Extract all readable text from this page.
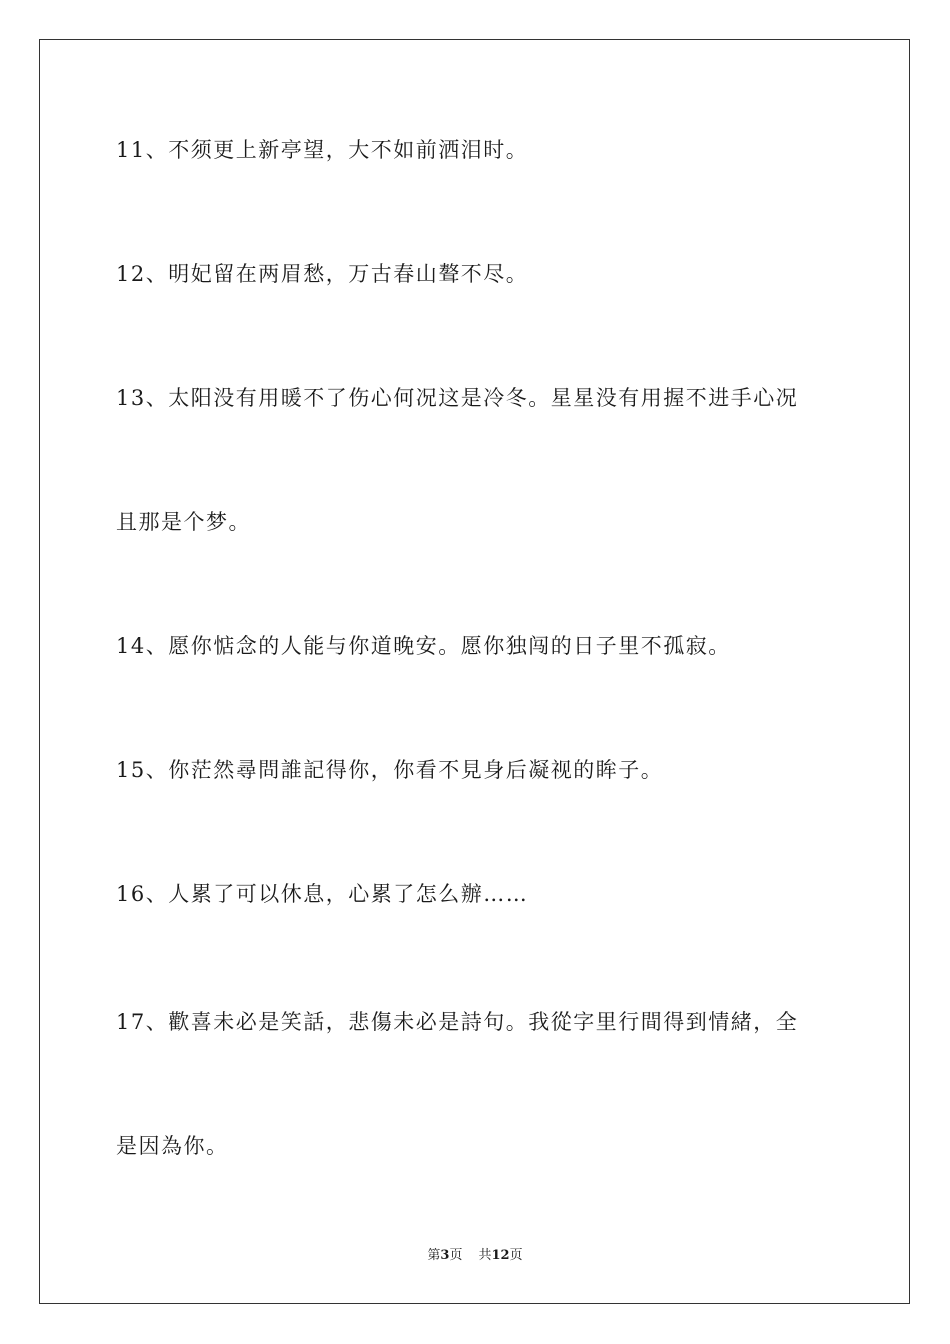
11、不须更上新亭望，大不如前洒泪时。
12、明妃留在两眉愁，万古春山聱不尽。
13、太阳没有用暖不了伤心何况这是冷冬。星星没有用握不进手心况
且那是个梦。
14、愿你惦念的人能与你道晚安。愿你独闯的日子里不孤寂。
15、你茫然尋問誰記得你，你看不見身后凝视的眸子。
16、人累了可以休息，心累了怎么辦……
17、歡喜未必是笑話，悲傷未必是詩句。我從字里行間得到情緒，全
是因為你。
第3页 共12页
